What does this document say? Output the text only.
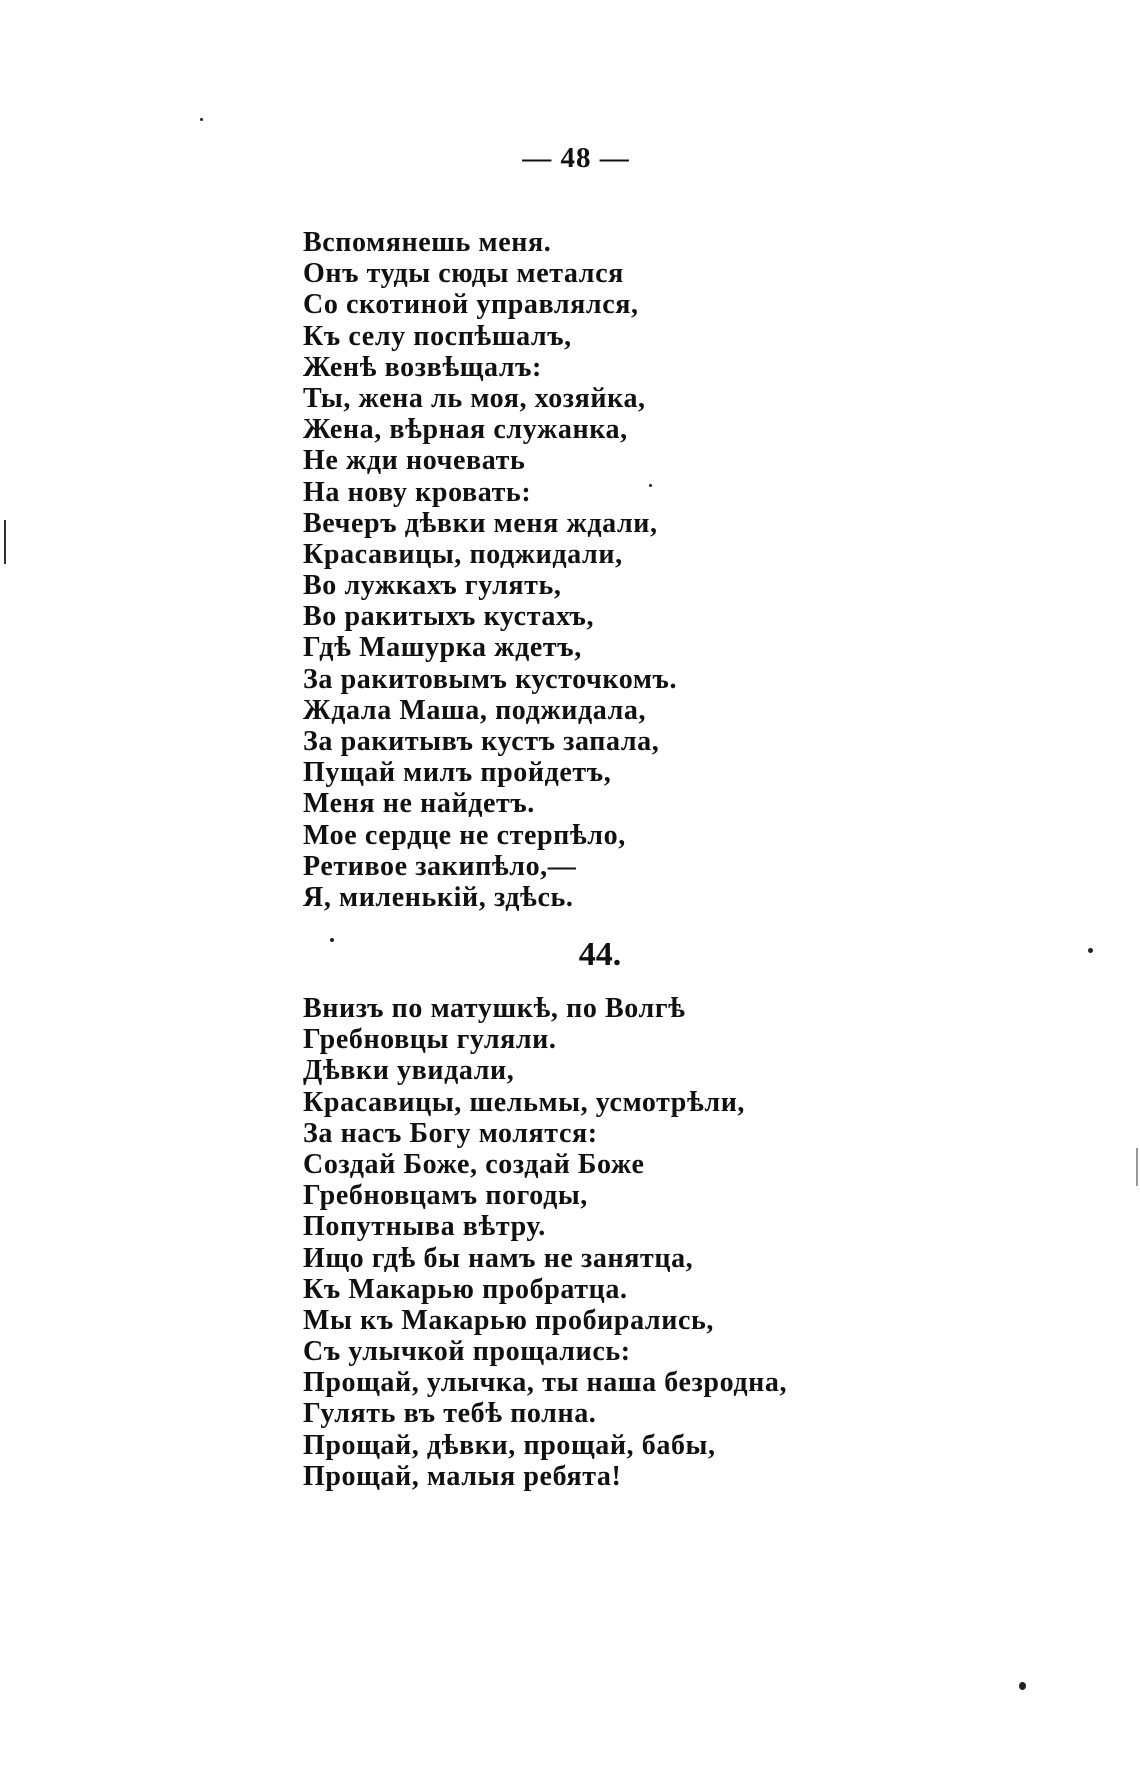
— 48 —
Вспомянешь меня.
Онъ туды сюды метался
Со скотиной управлялся,
Къ селу поспѣшалъ,
Женѣ возвѣщалъ:
Ты, жена ль моя, хозяйка,
Жена, вѣрная служанка,
Не жди ночевать
На нову кровать:
Вечеръ дѣвки меня ждали,
Красавицы, поджидали,
Во лужкахъ гулять,
Во ракитыхъ кустахъ,
Гдѣ Машурка ждетъ,
За ракитовымъ кусточкомъ.
Ждала Маша, поджидала,
За ракитывъ кустъ запала,
Пущай милъ пройдетъ,
Меня не найдетъ.
Мое сердце не стерпѣло,
Ретивое закипѣло,—
Я, миленькій, здѣсь.
44.
Внизъ по матушкѣ, по Волгѣ
Гребновцы гуляли.
Дѣвки увидали,
Красавицы, шельмы, усмотрѣли,
За насъ Богу молятся:
Создай Боже, создай Боже
Гребновцамъ погоды,
Попутныва вѣтру.
Ищо гдѣ бы намъ не занятца,
Къ Макарью пробратца.
Мы къ Макарью пробирались,
Съ улычкой прощались:
Прощай, улычка, ты наша безродна,
Гулять въ тебѣ полна.
Прощай, дѣвки, прощай, бабы,
Прощай, малыя ребята!
